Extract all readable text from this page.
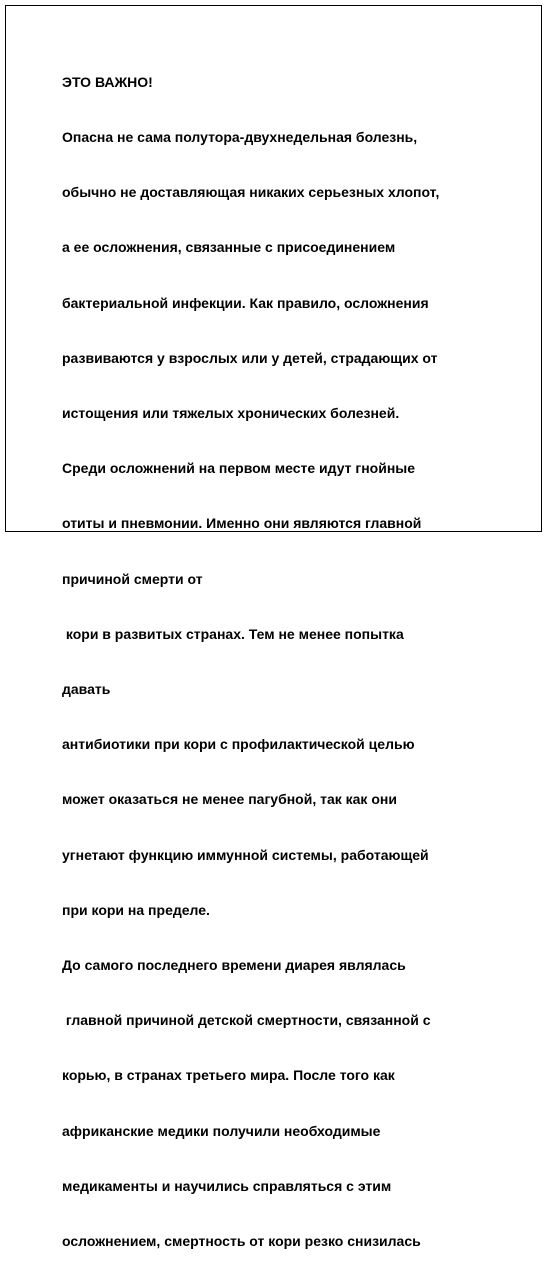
ЭТО ВАЖНО!

Опасна не сама полутора-двухнедельная болезнь,

обычно не доставляющая никаких серьезных хлопот,

а ее осложнения, связанные с присоединением

бактериальной инфекции. Как правило, осложнения

развиваются у взрослых или у детей, страдающих от

истощения или тяжелых хронических болезней.

Среди осложнений на первом месте идут гнойные

отиты и пневмонии. Именно они являются главной

причиной смерти от

кори в развитых странах. Тем не менее попытка

давать

антибиотики при кори с профилактической целью

может оказаться не менее пагубной, так как они

угнетают функцию иммунной системы, работающей

при кори на пределе.

До самого последнего времени диарея являлась

главной причиной детской смертности, связанной с

корью, в странах третьего мира. После того как

африканские медики получили необходимые

медикаменты и научились справляться с этим

осложнением, смертность от кори резко снизилась
